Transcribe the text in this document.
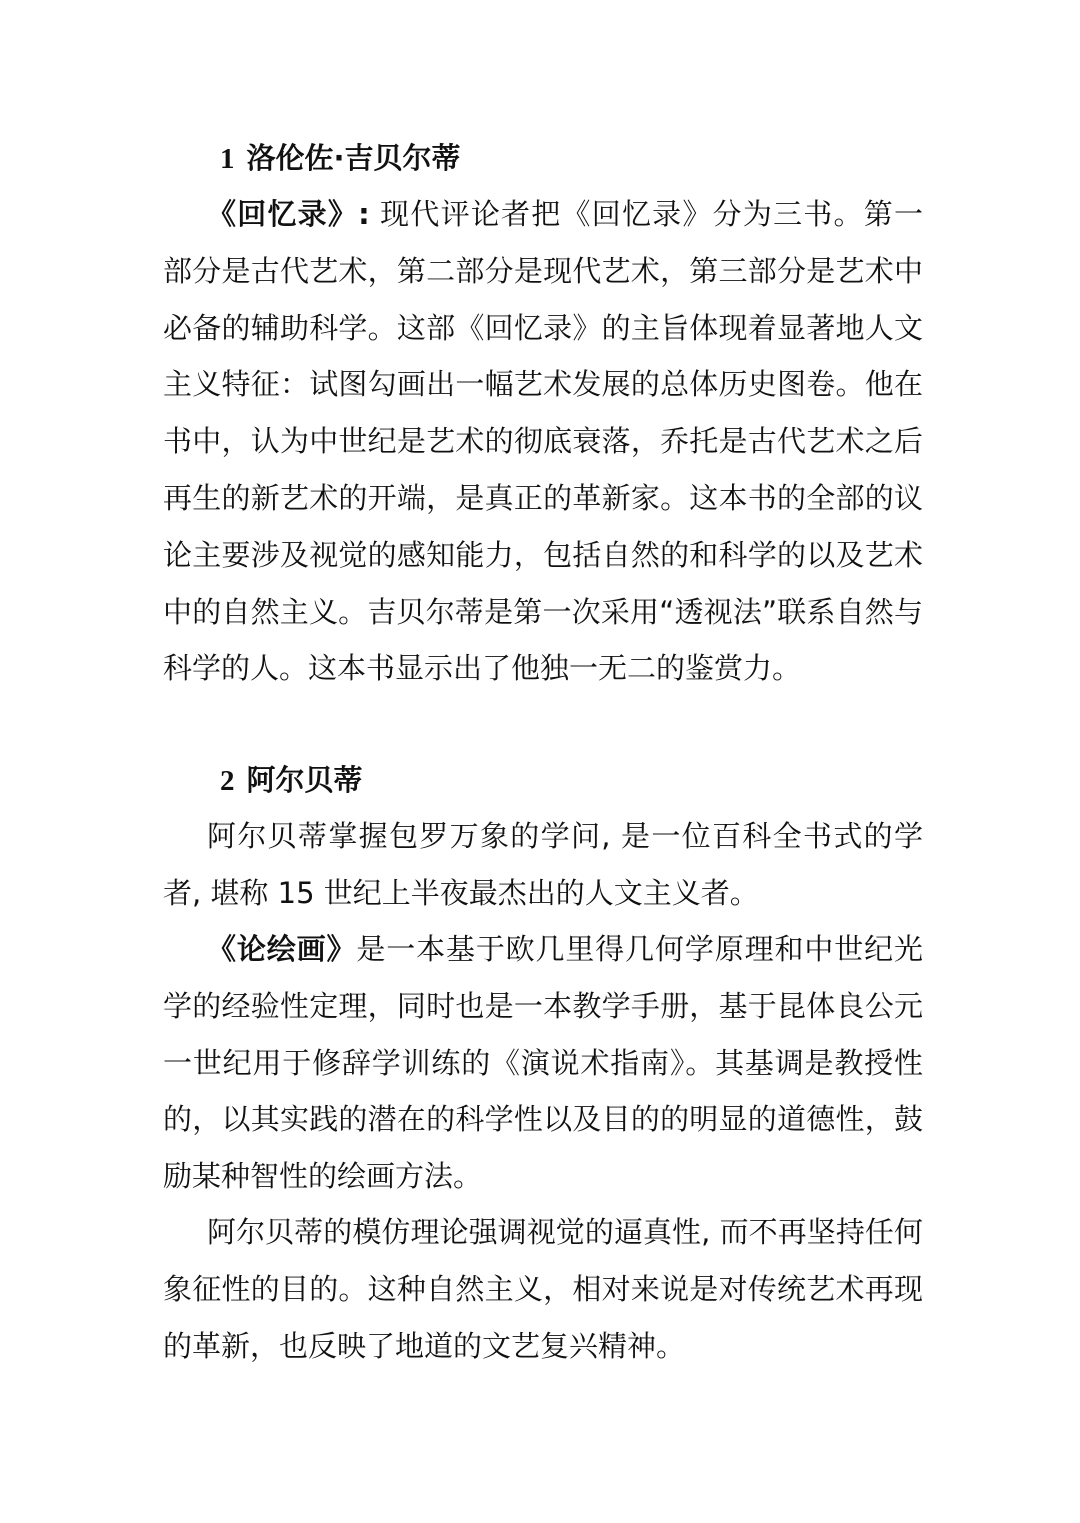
1 洛伦佐·吉贝尔蒂

《回忆录》: 现代评论者把《回忆录》分为三书。第一部分是古代艺术，第二部分是现代艺术，第三部分是艺术中必备的辅助科学。这部《回忆录》的主旨体现着显著地人文主义特征：试图勾画出一幅艺术发展的总体历史图卷。他在书中，认为中世纪是艺术的彻底衰落，乔托是古代艺术之后再生的新艺术的开端，是真正的革新家。这本书的全部的议论主要涉及视觉的感知能力，包括自然的和科学的以及艺术中的自然主义。吉贝尔蒂是第一次采用“透视法”联系自然与科学的人。这本书显示出了他独一无二的鉴赏力。

2 阿尔贝蒂

阿尔贝蒂掌握包罗万象的学问, 是一位百科全书式的学者, 堪称 15 世纪上半夜最杰出的人文主义者。

《论绘画》是一本基于欧几里得几何学原理和中世纪光学的经验性定理，同时也是一本教学手册，基于昆体良公元一世纪用于修辞学训练的《演说术指南》。其基调是教授性的，以其实践的潜在的科学性以及目的的明显的道德性，鼓励某种智性的绘画方法。

阿尔贝蒂的模仿理论强调视觉的逼真性, 而不再坚持任何象征性的目的。这种自然主义，相对来说是对传统艺术再现的革新，也反映了地道的文艺复兴精神。
